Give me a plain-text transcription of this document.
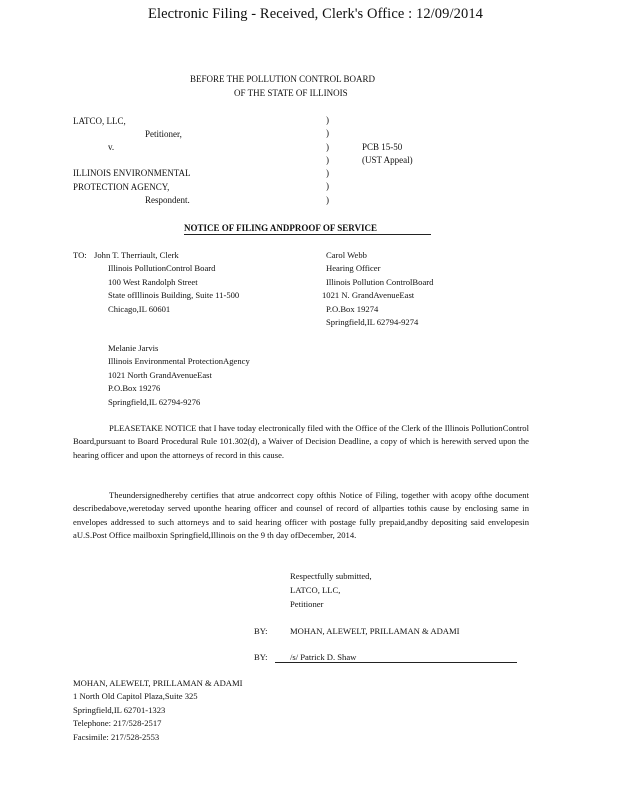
Electronic Filing - Received, Clerk's Office : 12/09/2014
BEFORE THE POLLUTION CONTROL BOARD
OF THE STATE OF ILLINOIS
LATCO, LLC,
Petitioner,
v.
ILLINOIS ENVIRONMENTAL
PROTECTION AGENCY,
Respondent.
)
)
)
)
)
)
)
PCB 15-50
(UST Appeal)
NOTICE OF FILING ANDPROOF OF SERVICE
TO: John T. Therriault, Clerk
Illinois PollutionControl Board
100 West Randolph Street
State ofIllinois Building, Suite 11-500
Chicago,IL 60601
Carol Webb
Hearing Officer
Illinois Pollution ControlBoard
1021 N. GrandAvenueEast
P.O.Box 19274
Springfield,IL 62794-9274
Melanie Jarvis
Illinois Environmental ProtectionAgency
1021 North GrandAvenueEast
P.O.Box 19276
Springfield,IL 62794-9276
PLEASETAKE NOTICE that I have today electronically filed with the Office of the Clerk of the Illinois PollutionControl Board,pursuant to Board Procedural Rule 101.302(d), a Waiver of Decision Deadline, a copy of which is herewith served upon the hearing officer and upon the attorneys of record in this cause.
Theundersignedhereby certifies that atrue andcorrect copy ofthis Notice of Filing, together with acopy ofthe document describedabove,weretoday served uponthe hearing officer and counsel of record of allparties tothis cause by enclosing same in envelopes addressed to such attorneys and to said hearing officer with postage fully prepaid,andby depositing said envelopesin aU.S.Post Office mailboxin Springfield,Illinois on the 9 th day ofDecember, 2014.
Respectfully submitted,
LATCO, LLC,
Petitioner
BY:	MOHAN, ALEWELT, PRILLAMAN & ADAMI
BY:	/s/ Patrick D. Shaw
MOHAN, ALEWELT, PRILLAMAN & ADAMI
1 North Old Capitol Plaza,Suite 325
Springfield,IL 62701-1323
Telephone: 217/528-2517
Facsimile: 217/528-2553
